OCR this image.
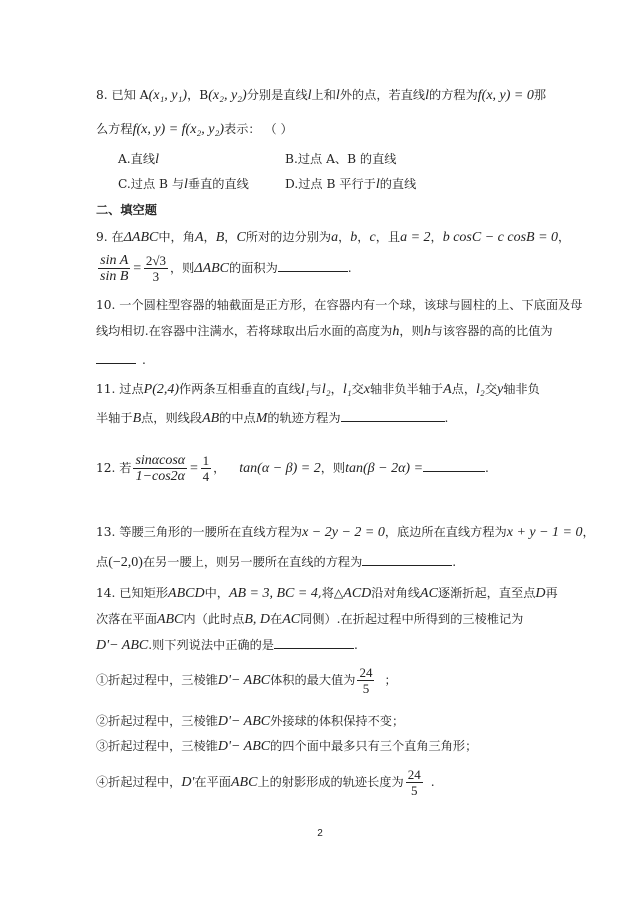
8. 已知 A(x₁, y₁)，B(x₂, y₂)分别是直线l上和l外的点，若直线l的方程为f(x, y) = 0那
么方程f(x, y) = f(x₂, y₂)表示： （ ）
A.直线l	B.过点 A、B 的直线
C.过点 B 与l垂直的直线	D.过点 B 平行于l的直线
二、填空题
9. 在ΔABC中，角A，B，C所对的边分别为a，b，c，且a = 2，b cosC − c cosB = 0，
$\frac{\text{sin A}}{\text{sin B}} = \frac{2√3}{3}$ ，则ΔABC的面积为	.
10. 一个圆柱型容器的轴截面是正方形，在容器内有一个球，该球与圆柱的上、下底面及母
线均相切.在容器中注满水，若将球取出后水面的高度为h，则h与该容器的高的比值为
.
11. 过点P(2,4)作两条互相垂直的直线l₁与l₂，l₁交x轴非负半轴于A点，l₂交y轴非负
半轴于B点，则线段AB的中点M的轨迹方程为	.
12. 若 $\frac{\sin\alpha\cos\alpha}{1-\cos 2\alpha} = \frac{1}{4}$ ， tan(α − β) = 2，则tan(β − 2α) =	.
13. 等腰三角形的一腰所在直线方程为x − 2y − 2 = 0，底边所在直线方程为x + y − 1 = 0，
点(−2,0)在另一腰上，则另一腰所在直线的方程为	.
14. 已知矩形ABCD中，AB = 3, BC = 4,将△ACD沿对角线AC逐渐折起，直至点D再
次落在平面ABC内（此时点B, D在AC同侧）.在折起过程中所得到的三棱椎记为
D'− ABC.则下列说法中正确的是	.
①折起过程中，三棱锥D'− ABC体积的最大值为 $\frac{24}{5}$ ；
②折起过程中，三棱锥D'− ABC外接球的体积保持不变；
③折起过程中，三棱锥D'− ABC的四个面中最多只有三个直角三角形；
④折起过程中，D'在平面ABC上的射影形成的轨迹长度为 $\frac{24}{5}$ .
2
